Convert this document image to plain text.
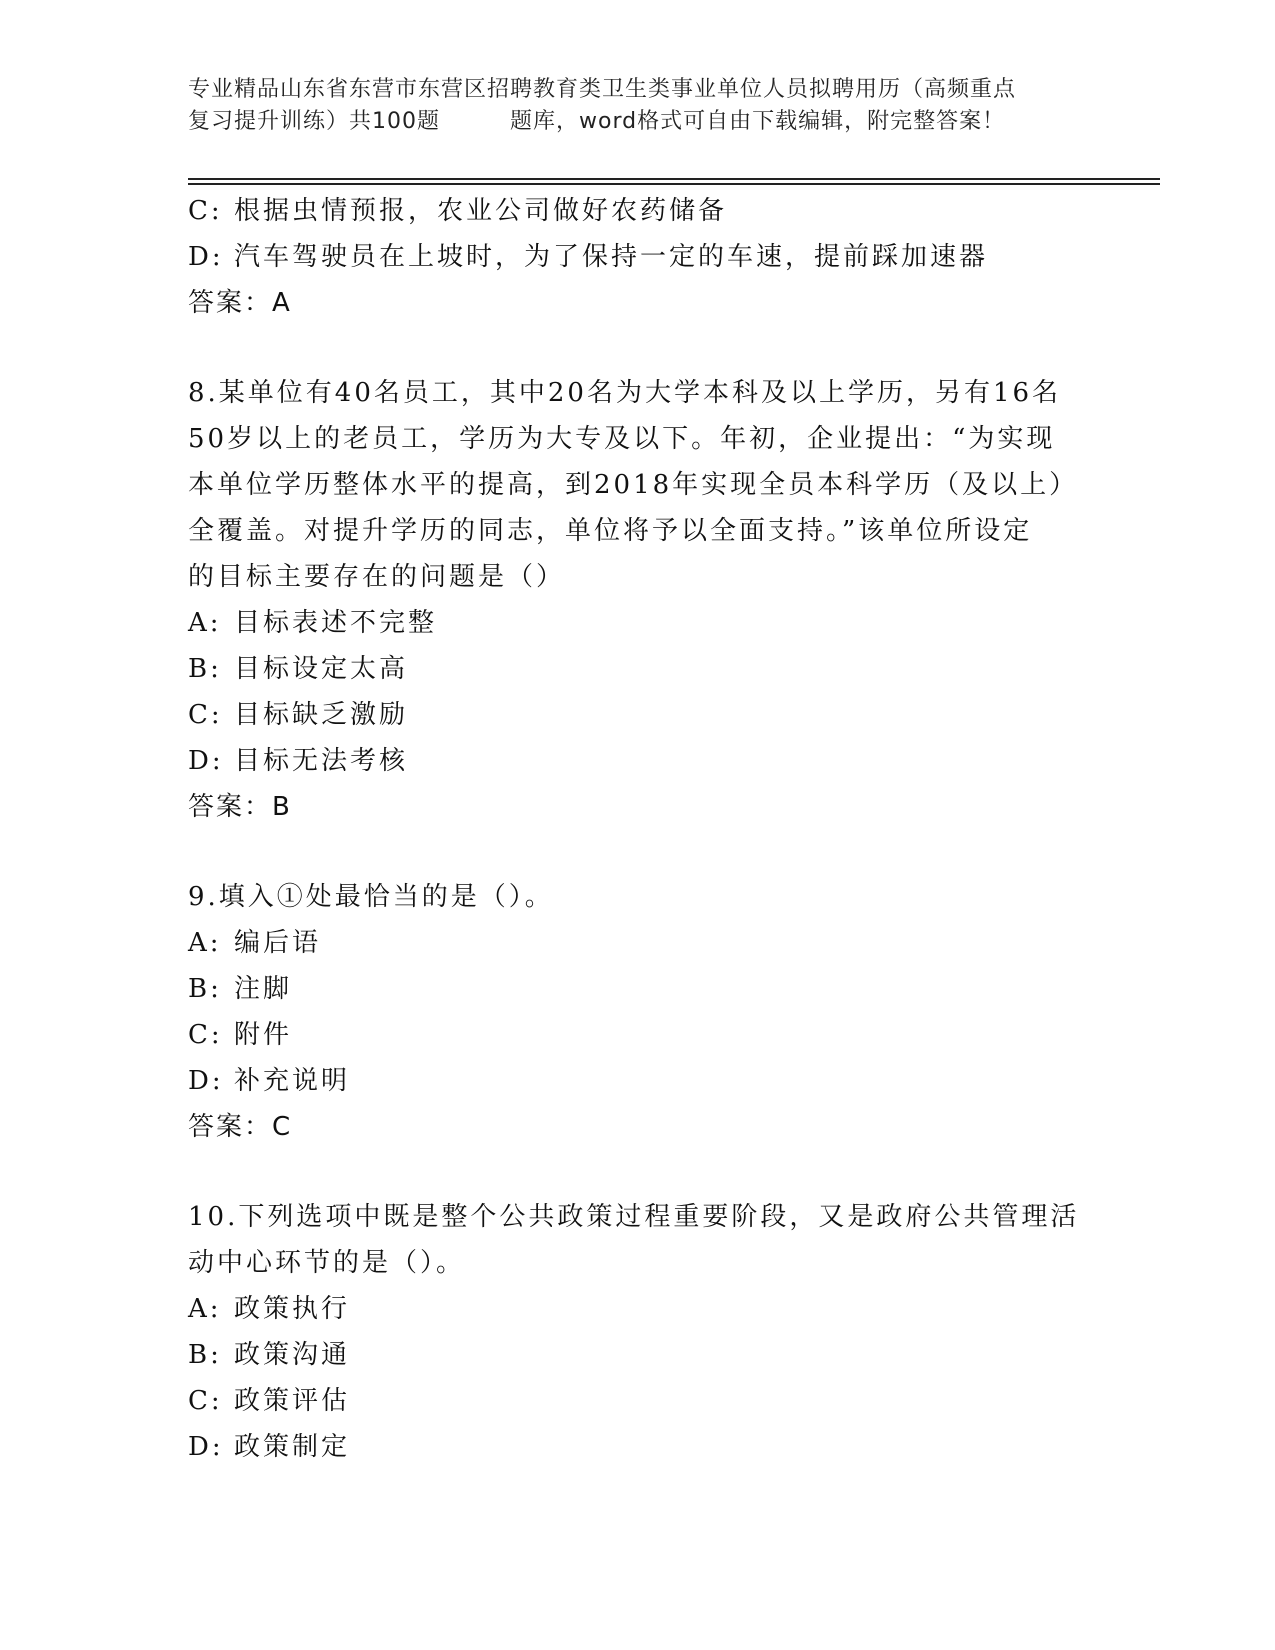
专业精品山东省东营市东营区招聘教育类卫生类事业单位人员拟聘用历（高频重点
复习提升训练）共100题	题库，word格式可自由下载编辑，附完整答案！
C: 根据虫情预报，农业公司做好农药储备
D: 汽车驾驶员在上坡时，为了保持一定的车速，提前踩加速器
答案：A
8.某单位有40名员工，其中20名为大学本科及以上学历，另有16名
50岁以上的老员工，学历为大专及以下。年初，企业提出：“为实现
本单位学历整体水平的提高，到2018年实现全员本科学历（及以上）
全覆盖。对提升学历的同志，单位将予以全面支持。”该单位所设定
的目标主要存在的问题是（）
A: 目标表述不完整
B: 目标设定太高
C: 目标缺乏激励
D: 目标无法考核
答案：B
9.填入①处最恰当的是（）。
A: 编后语
B: 注脚
C: 附件
D: 补充说明
答案：C
10.下列选项中既是整个公共政策过程重要阶段，又是政府公共管理活
动中心环节的是（）。
A: 政策执行
B: 政策沟通
C: 政策评估
D: 政策制定
